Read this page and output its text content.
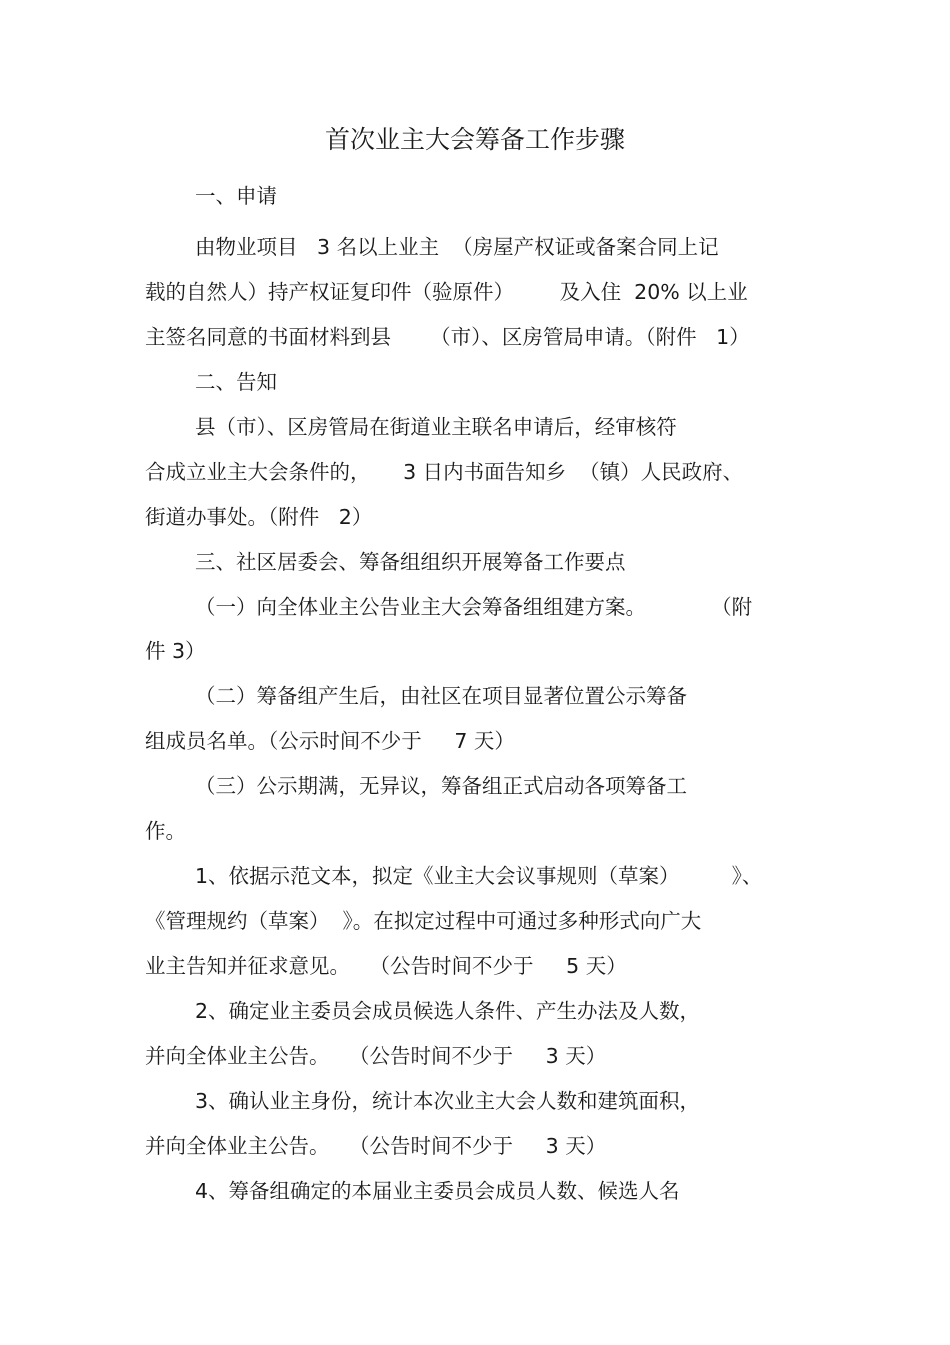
首次业主大会筹备工作步骤
一、申请
由物业项目   3 名以上业主  （房屋产权证或备案合同上记
载的自然人）持产权证复印件（验原件）       及入住  20% 以上业
主签名同意的书面材料到县      （市）、区房管局申请。（附件   1）
二、告知
县（市）、区房管局在街道业主联名申请后，经审核符
合成立业主大会条件的，     3 日内书面告知乡  （镇）人民政府、
街道办事处。（附件   2）
三、社区居委会、筹备组组织开展筹备工作要点
（一）向全体业主公告业主大会筹备组组建方案。          （附
件 3）
（二）筹备组产生后，由社区在项目显著位置公示筹备
组成员名单。（公示时间不少于     7 天）
（三）公示期满，无异议，筹备组正式启动各项筹备工
作。
1、依据示范文本，拟定《业主大会议事规则（草案）        》、
《管理规约（草案）  》。在拟定过程中可通过多种形式向广大
业主告知并征求意见。   （公告时间不少于     5 天）
2、确定业主委员会成员候选人条件、产生办法及人数，
并向全体业主公告。   （公告时间不少于     3 天）
3、确认业主身份，统计本次业主大会人数和建筑面积，
并向全体业主公告。   （公告时间不少于     3 天）
4、筹备组确定的本届业主委员会成员人数、候选人名
